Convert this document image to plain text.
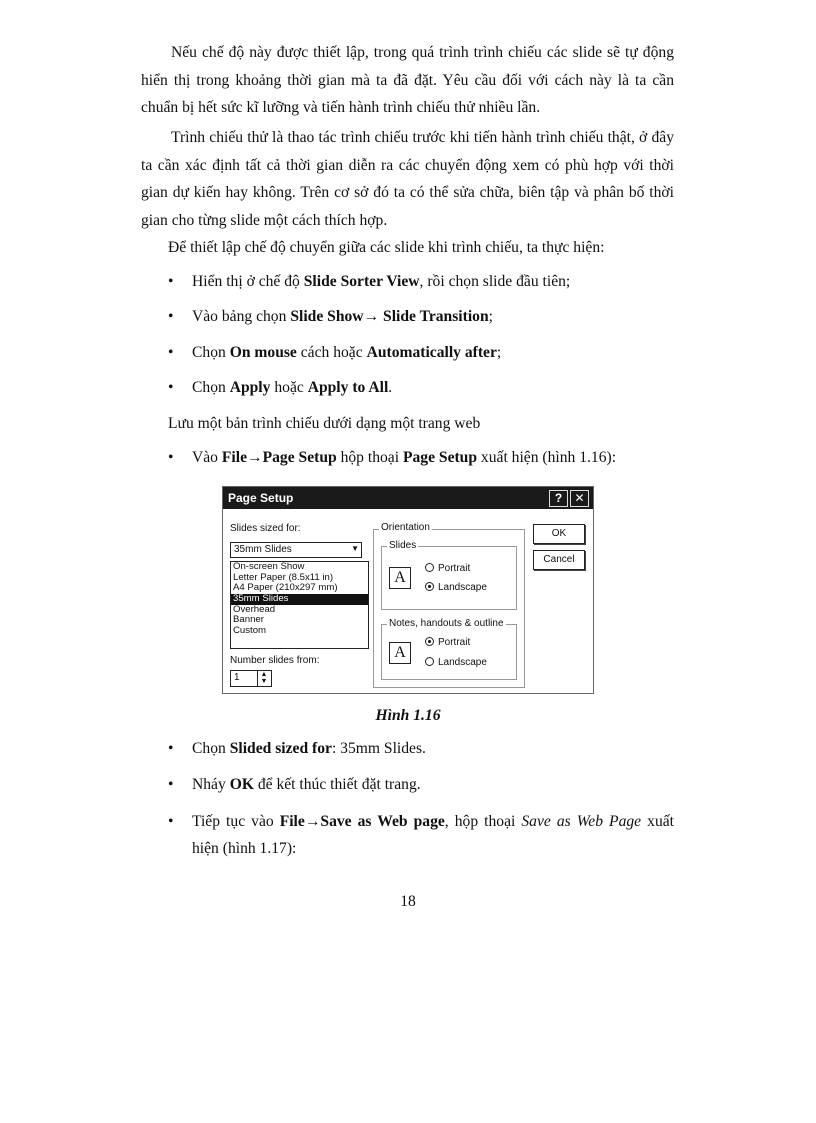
Nếu chế độ này được thiết lập, trong quá trình trình chiếu các slide sẽ tự động hiển thị trong khoảng thời gian mà ta đã đặt. Yêu cầu đối với cách này là ta cần chuẩn bị hết sức kĩ lưỡng và tiến hành trình chiếu thử nhiều lần.

Trình chiếu thử là thao tác trình chiếu trước khi tiến hành trình chiếu thật, ở đây ta cần xác định tất cả thời gian diễn ra các chuyển động xem có phù hợp với thời gian dự kiến hay không. Trên cơ sở đó ta có thể sửa chữa, biên tập và phân bố thời gian cho từng slide một cách thích hợp.

Để thiết lập chế độ chuyển giữa các slide khi trình chiếu, ta thực hiện:

•	Hiển thị ở chế độ Slide Sorter View, rồi chọn slide đầu tiên;
•	Vào bảng chọn Slide Show→ Slide Transition;
•	Chọn On mouse cách hoặc Automatically after;
•	Chọn Apply hoặc Apply to All.

Lưu một bản trình chiếu dưới dạng một trang web

•	Vào File→Page Setup hộp thoại Page Setup xuất hiện (hình 1.16):
Page Setup	?	✕
Slides sized for:
35mm Slides	▼
On-screen Show
Letter Paper (8.5x11 in)
A4 Paper (210x297 mm)
35mm Slides
Overhead
Banner
Custom
Number slides from:
1	▲
▼
Orientation
Slides
A
Portrait
Landscape
Notes, handouts & outline
A
Portrait
Landscape
OK
Cancel
Hình 1.16
•	Chọn Slided sized for: 35mm Slides.
•	Nháy OK để kết thúc thiết đặt trang.
•	Tiếp tục vào File→Save as Web page, hộp thoại Save as Web Page xuất hiện (hình 1.17):
18
